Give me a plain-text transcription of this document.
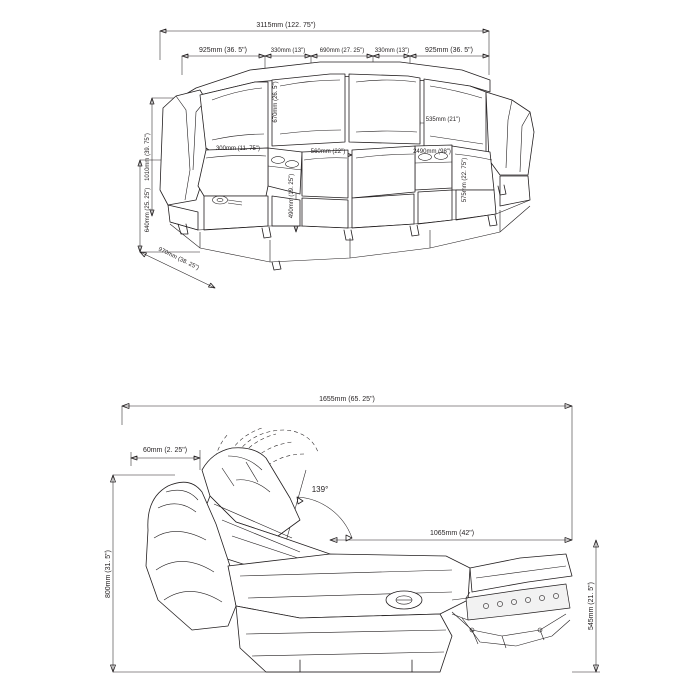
3115mm (122. 75")
925mm (36. 5")	330mm (13") 690mm (27. 25") 330mm (13") 925mm (36. 5")
670mm (26. 5")	535mm (21")
300mm (11. 75")	560mm (22")	2490mm (98")
1010mm (39. 75")
640mm (25. 25")	490mm (19. 25")	575mm (22. 75")
970mm (38. 25")
1655mm (65. 25")
60mm (2. 25")
139°
1065mm (42")
800mm (31. 5")
545mm (21. 5")
